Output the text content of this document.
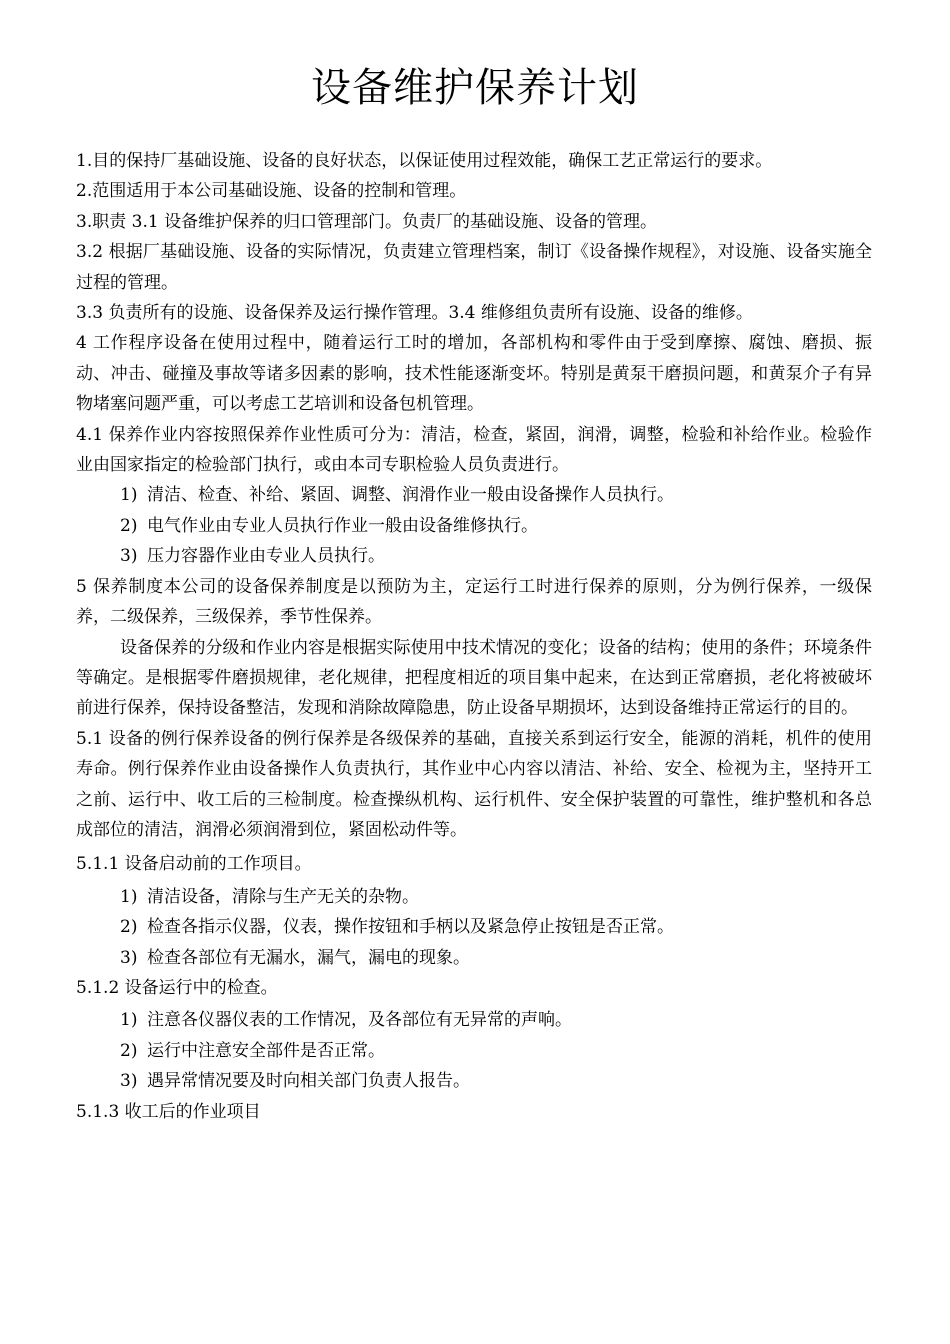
设备维护保养计划

1.目的保持厂基础设施、设备的良好状态，以保证使用过程效能，确保工艺正常运行的要求。

2.范围适用于本公司基础设施、设备的控制和管理。

3.职责 3.1 设备维护保养的归口管理部门。负责厂的基础设施、设备的管理。

3.2 根据厂基础设施、设备的实际情况，负责建立管理档案，制订《设备操作规程》，对设施、设备实施全过程的管理。

3.3 负责所有的设施、设备保养及运行操作管理。3.4 维修组负责所有设施、设备的维修。

4 工作程序设备在使用过程中，随着运行工时的增加，各部机构和零件由于受到摩擦、腐蚀、磨损、振动、冲击、碰撞及事故等诸多因素的影响，技术性能逐渐变坏。特别是黄泵干磨损问题，和黄泵介子有异物堵塞问题严重，可以考虑工艺培训和设备包机管理。

4.1 保养作业内容按照保养作业性质可分为：清洁，检查，紧固，润滑，调整，检验和补给作业。检验作业由国家指定的检验部门执行，或由本司专职检验人员负责进行。

1) 清洁、检查、补给、紧固、调整、润滑作业一般由设备操作人员执行。

2) 电气作业由专业人员执行作业一般由设备维修执行。

3) 压力容器作业由专业人员执行。

5 保养制度本公司的设备保养制度是以预防为主，定运行工时进行保养的原则，分为例行保养，一级保养，二级保养，三级保养，季节性保养。

设备保养的分级和作业内容是根据实际使用中技术情况的变化；设备的结构；使用的条件；环境条件等确定。是根据零件磨损规律，老化规律，把程度相近的项目集中起来，在达到正常磨损，老化将被破坏前进行保养，保持设备整洁，发现和消除故障隐患，防止设备早期损坏，达到设备维持正常运行的目的。

5.1 设备的例行保养设备的例行保养是各级保养的基础，直接关系到运行安全，能源的消耗，机件的使用寿命。例行保养作业由设备操作人负责执行，其作业中心内容以清洁、补给、安全、检视为主，坚持开工之前、运行中、收工后的三检制度。检查操纵机构、运行机件、安全保护装置的可靠性，维护整机和各总成部位的清洁，润滑必须润滑到位，紧固松动件等。

5.1.1 设备启动前的工作项目。

1) 清洁设备，清除与生产无关的杂物。

2) 检查各指示仪器，仪表，操作按钮和手柄以及紧急停止按钮是否正常。

3) 检查各部位有无漏水，漏气，漏电的现象。

5.1.2 设备运行中的检查。

1) 注意各仪器仪表的工作情况，及各部位有无异常的声响。

2) 运行中注意安全部件是否正常。

3) 遇异常情况要及时向相关部门负责人报告。

5.1.3 收工后的作业项目
